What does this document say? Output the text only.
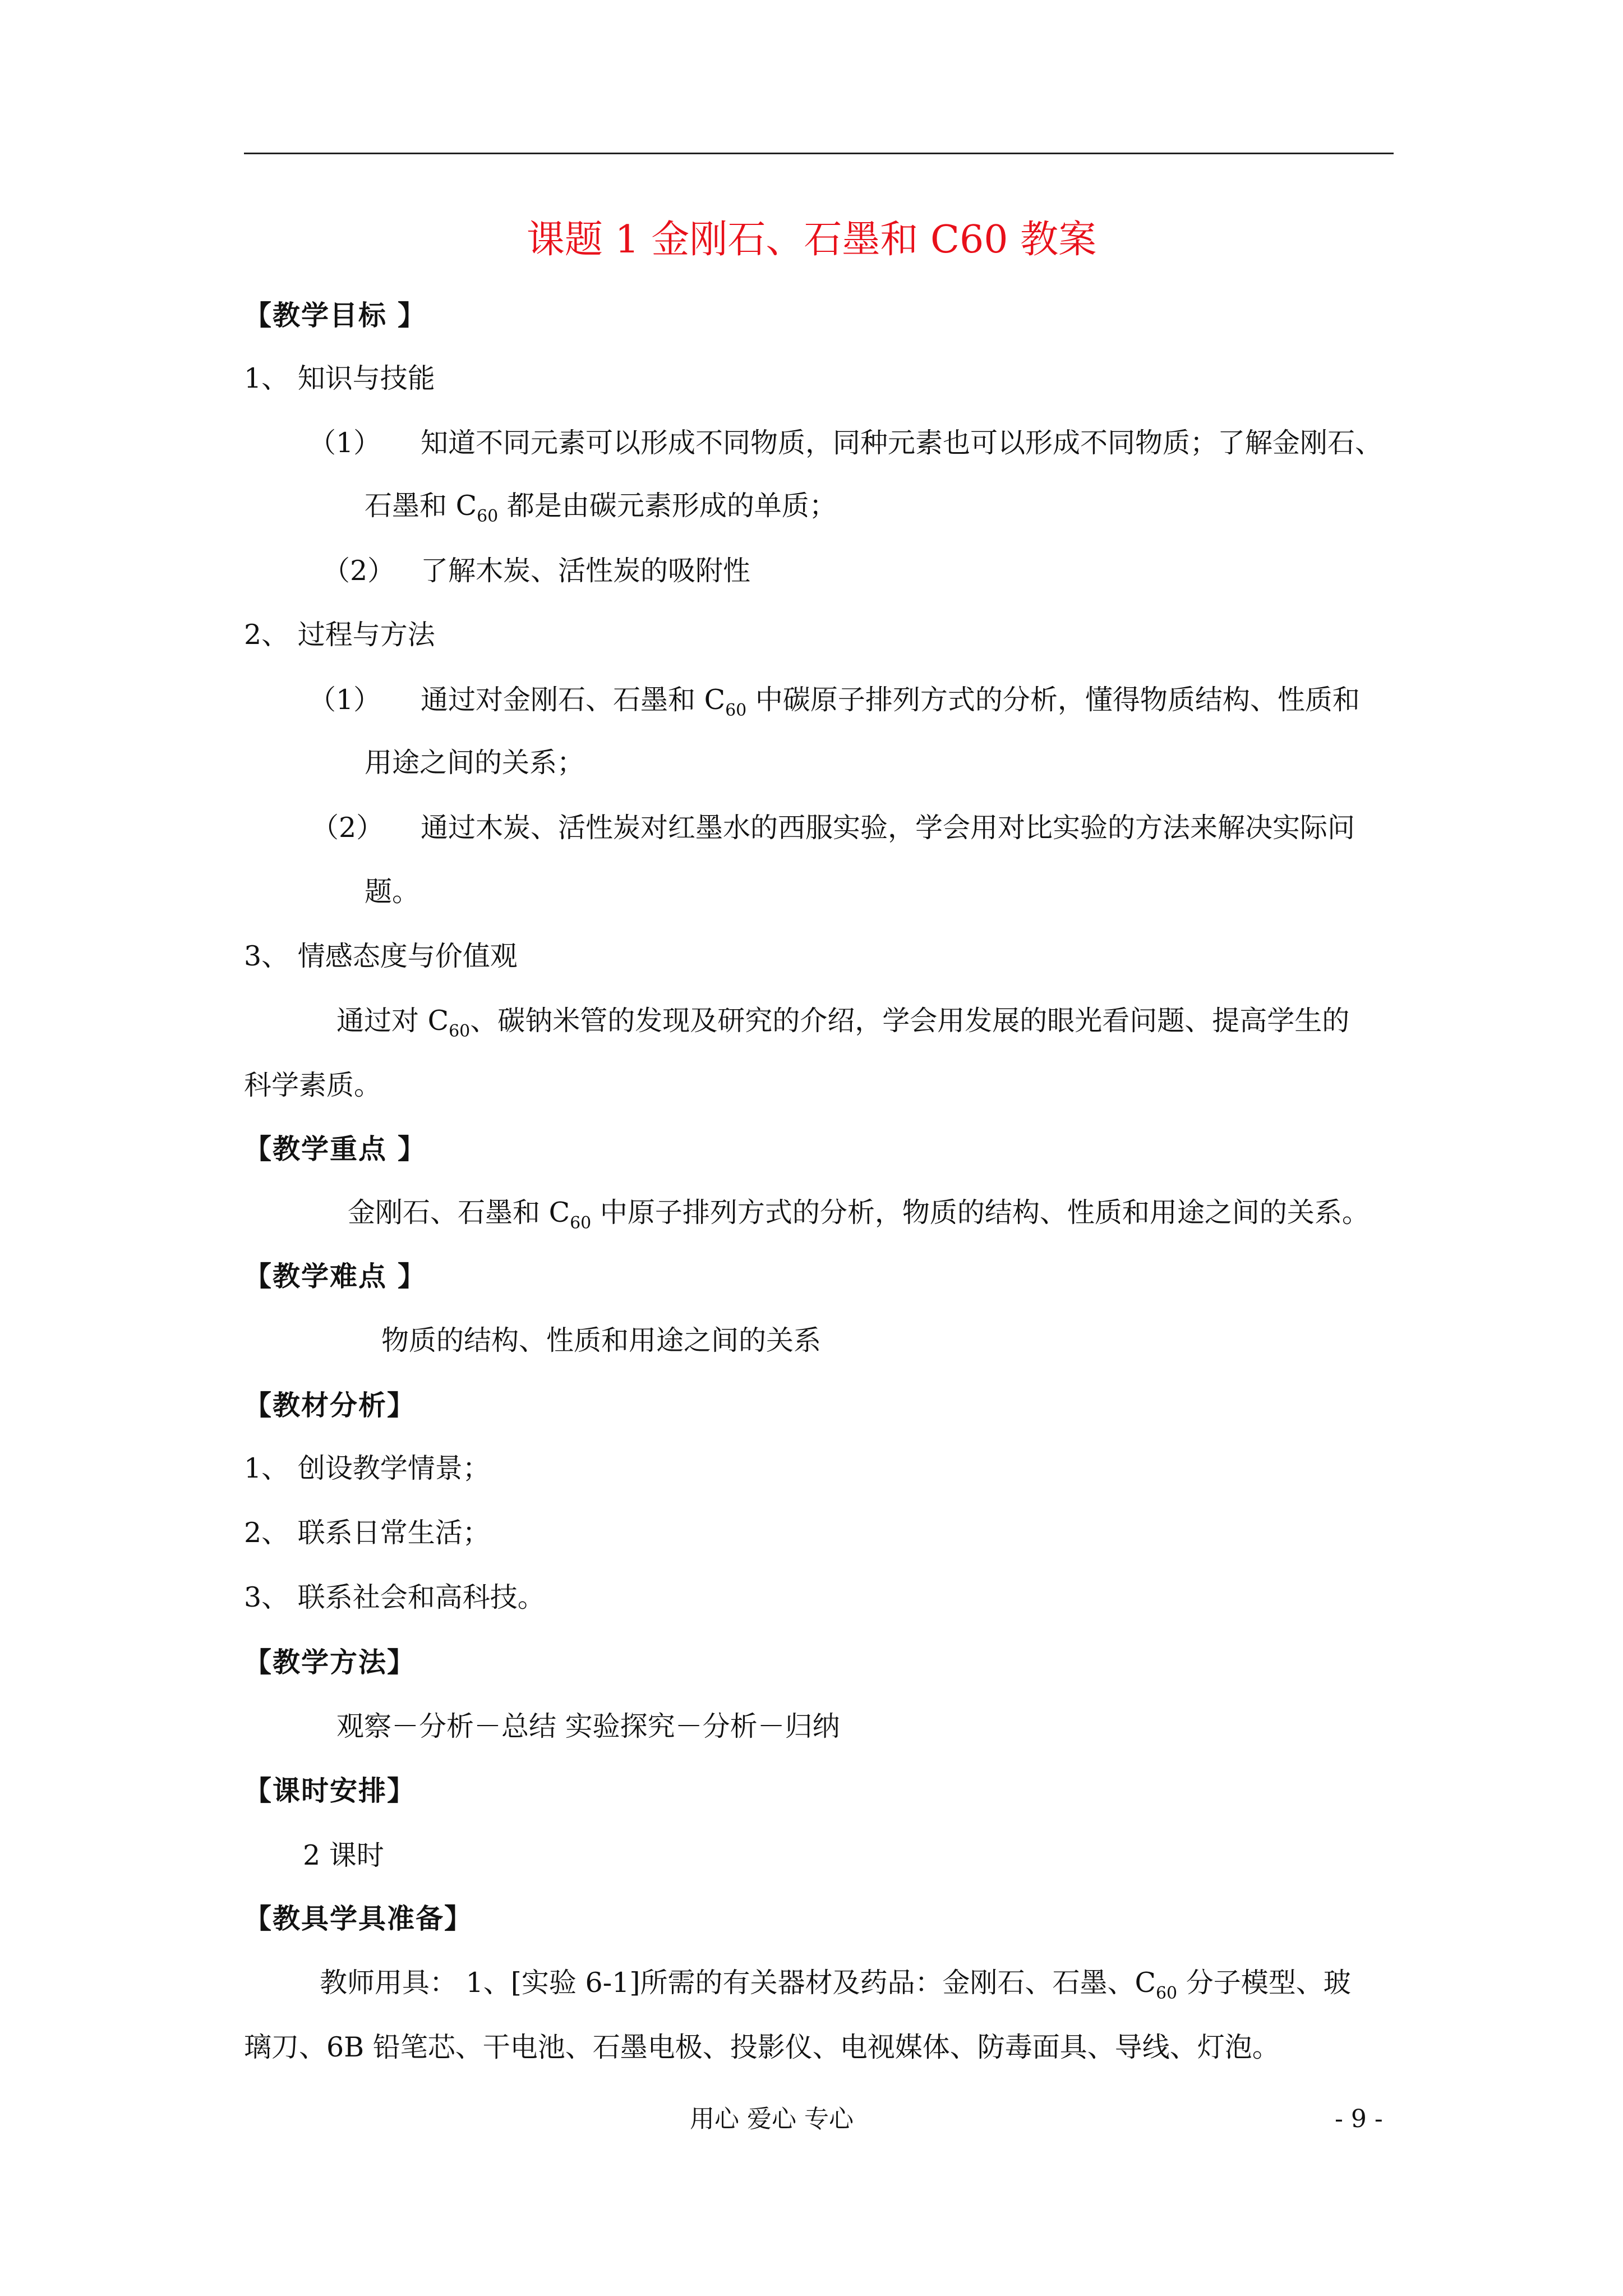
课题 1 金刚石、石墨和 C60 教案
【教学目标 】
1、 知识与技能
（1） 知道不同元素可以形成不同物质，同种元素也可以形成不同物质；了解金刚石、
石墨和 $C_{60}$ 都是由碳元素形成的单质；
（2） 了解木炭、活性炭的吸附性
2、 过程与方法
（1） 通过对金刚石、石墨和 $C_{60}$ 中碳原子排列方式的分析，懂得物质结构、性质和
用途之间的关系；
（2） 通过木炭、活性炭对红墨水的西服实验，学会用对比实验的方法来解决实际问
题。
3、 情感态度与价值观
通过对 $C_{60}$、碳钠米管的发现及研究的介绍，学会用发展的眼光看问题、提高学生的
科学素质。
【教学重点 】
金刚石、石墨和 $C_{60}$ 中原子排列方式的分析，物质的结构、性质和用途之间的关系。
【教学难点 】
物质的结构、性质和用途之间的关系
【教材分析】
1、 创设教学情景；
2、 联系日常生活；
3、 联系社会和高科技。
【教学方法】
观察－分析－总结 实验探究－分析－归纳
【课时安排】
2 课时
【教具学具准备】
教师用具： 1、[实验 6-1]所需的有关器材及药品：金刚石、石墨、$C_{60}$ 分子模型、玻
璃刀、6B 铅笔芯、干电池、石墨电极、投影仪、电视媒体、防毒面具、导线、灯泡。
用心 爱心 专心	- 9 -
